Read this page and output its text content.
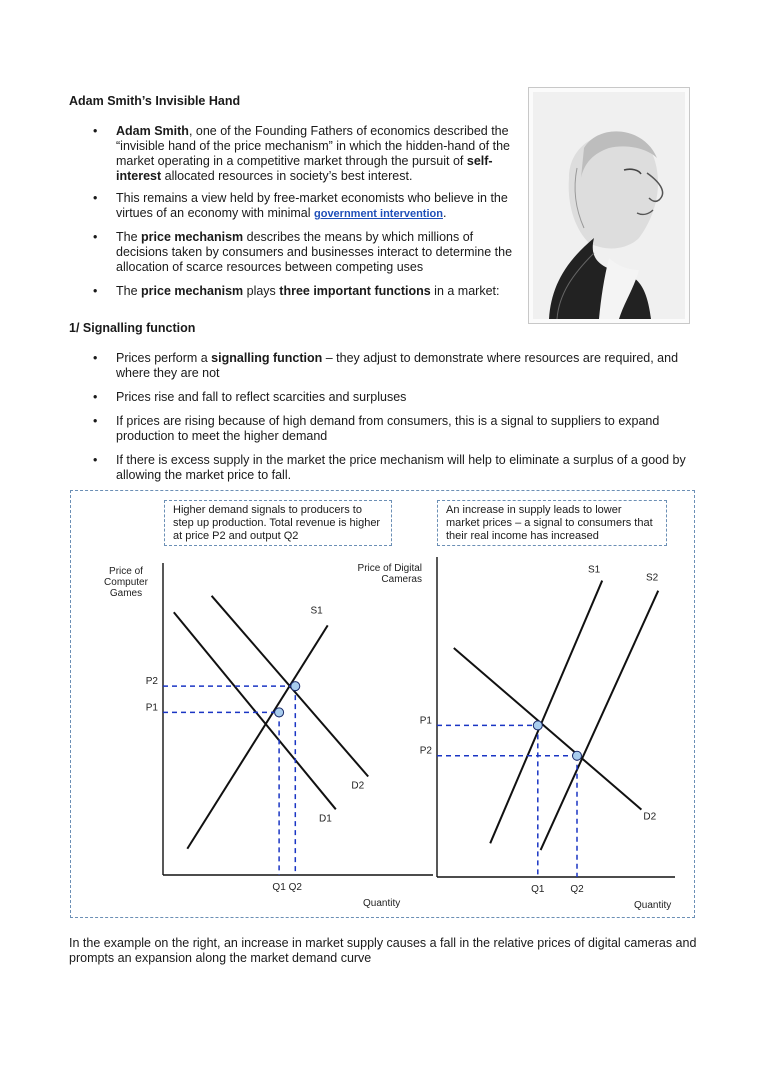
Adam Smith’s Invisible Hand
• Adam Smith, one of the Founding Fathers of economics described the “invisible hand of the price mechanism” in which the hidden-hand of the market operating in a competitive market through the pursuit of self-interest allocated resources in society’s best interest.
• This remains a view held by free-market economists who believe in the virtues of an economy with minimal government intervention.
• The price mechanism describes the means by which millions of decisions taken by consumers and businesses interact to determine the allocation of scarce resources between competing uses
• The price mechanism plays three important functions in a market:
1/ Signalling function
• Prices perform a signalling function – they adjust to demonstrate where resources are required, and where they are not
• Prices rise and fall to reflect scarcities and surpluses
• If prices are rising because of high demand from consumers, this is a signal to suppliers to expand production to meet the higher demand
• If there is excess supply in the market the price mechanism will help to eliminate a surplus of a good by allowing the market price to fall.
Higher demand signals to producers to step up production. Total revenue is higher at price P2 and output Q2
An increase in supply leads to lower market prices – a signal to consumers that their real income has increased
Price of Computer Games
Price of Digital Cameras
Quantity	Quantity
S1
D1
D2
P1
Q1
P2
Q2
S1
S2
D2
P1
Q1
P2
Q2
In the example on the right, an increase in market supply causes a fall in the relative prices of digital cameras and prompts an expansion along the market demand curve
